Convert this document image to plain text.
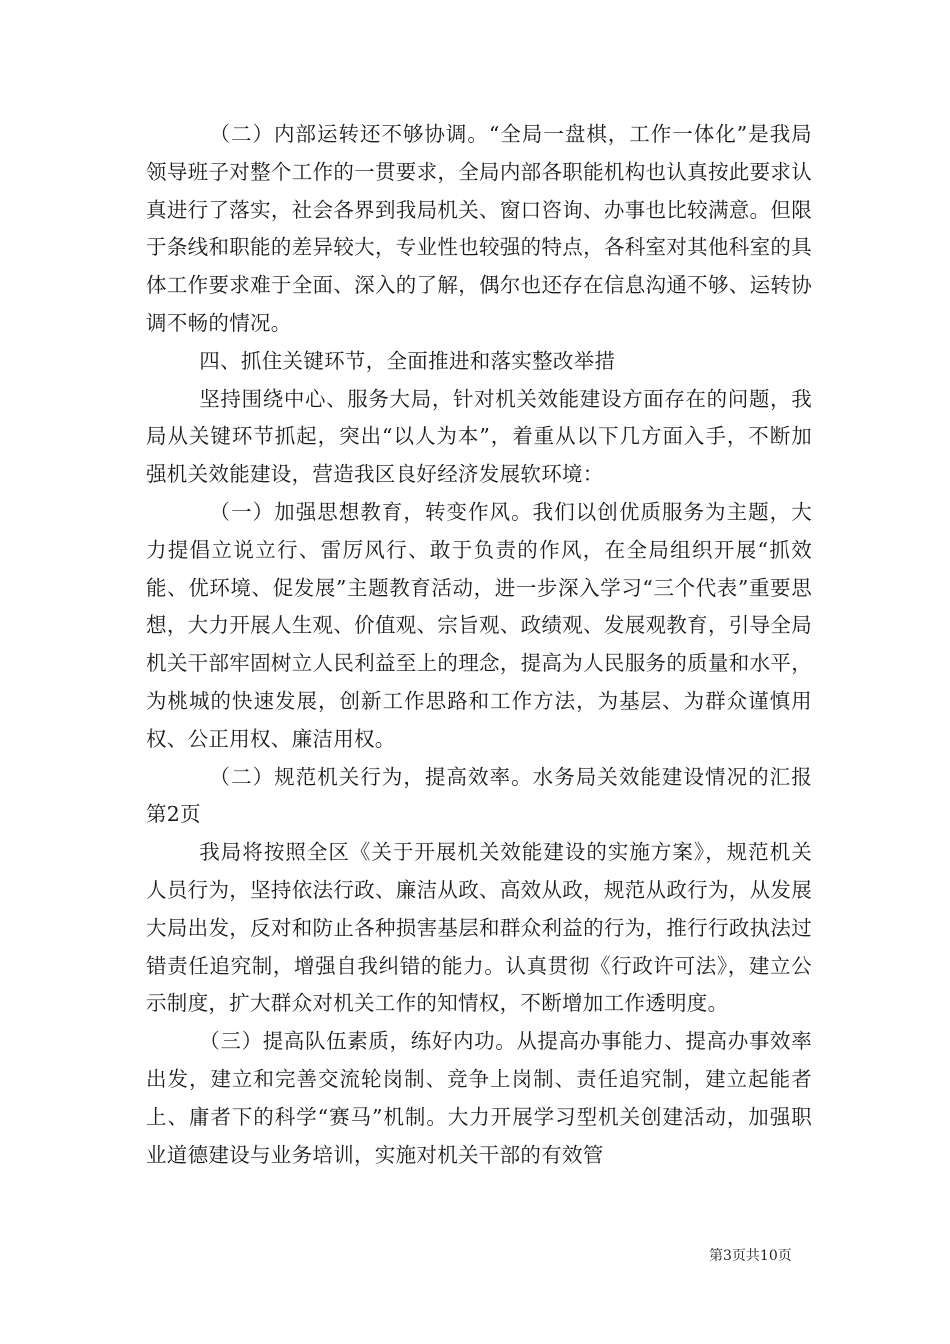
（二）内部运转还不够协调。“全局一盘棋，工作一体化”是我局领导班子对整个工作的一贯要求，全局内部各职能机构也认真按此要求认真进行了落实，社会各界到我局机关、窗口咨询、办事也比较满意。但限于条线和职能的差异较大，专业性也较强的特点，各科室对其他科室的具体工作要求难于全面、深入的了解，偶尔也还存在信息沟通不够、运转协调不畅的情况。

四、抓住关键环节，全面推进和落实整改举措

坚持围绕中心、服务大局，针对机关效能建设方面存在的问题，我局从关键环节抓起，突出“以人为本”，着重从以下几方面入手，不断加强机关效能建设，营造我区良好经济发展软环境：

（一）加强思想教育，转变作风。我们以创优质服务为主题，大力提倡立说立行、雷厉风行、敢于负责的作风，在全局组织开展“抓效能、优环境、促发展”主题教育活动，进一步深入学习“三个代表”重要思想，大力开展人生观、价值观、宗旨观、政绩观、发展观教育，引导全局机关干部牢固树立人民利益至上的理念，提高为人民服务的质量和水平，为桃城的快速发展，创新工作思路和工作方法，为基层、为群众谨慎用权、公正用权、廉洁用权。

（二）规范机关行为，提高效率。水务局关效能建设情况的汇报第2页

我局将按照全区《关于开展机关效能建设的实施方案》，规范机关人员行为，坚持依法行政、廉洁从政、高效从政，规范从政行为，从发展大局出发，反对和防止各种损害基层和群众利益的行为，推行行政执法过错责任追究制，增强自我纠错的能力。认真贯彻《行政许可法》，建立公示制度，扩大群众对机关工作的知情权，不断增加工作透明度。

（三）提高队伍素质，练好内功。从提高办事能力、提高办事效率出发，建立和完善交流轮岗制、竞争上岗制、责任追究制，建立起能者上、庸者下的科学“赛马”机制。大力开展学习型机关创建活动，加强职业道德建设与业务培训，实施对机关干部的有效管

第3页共10页
